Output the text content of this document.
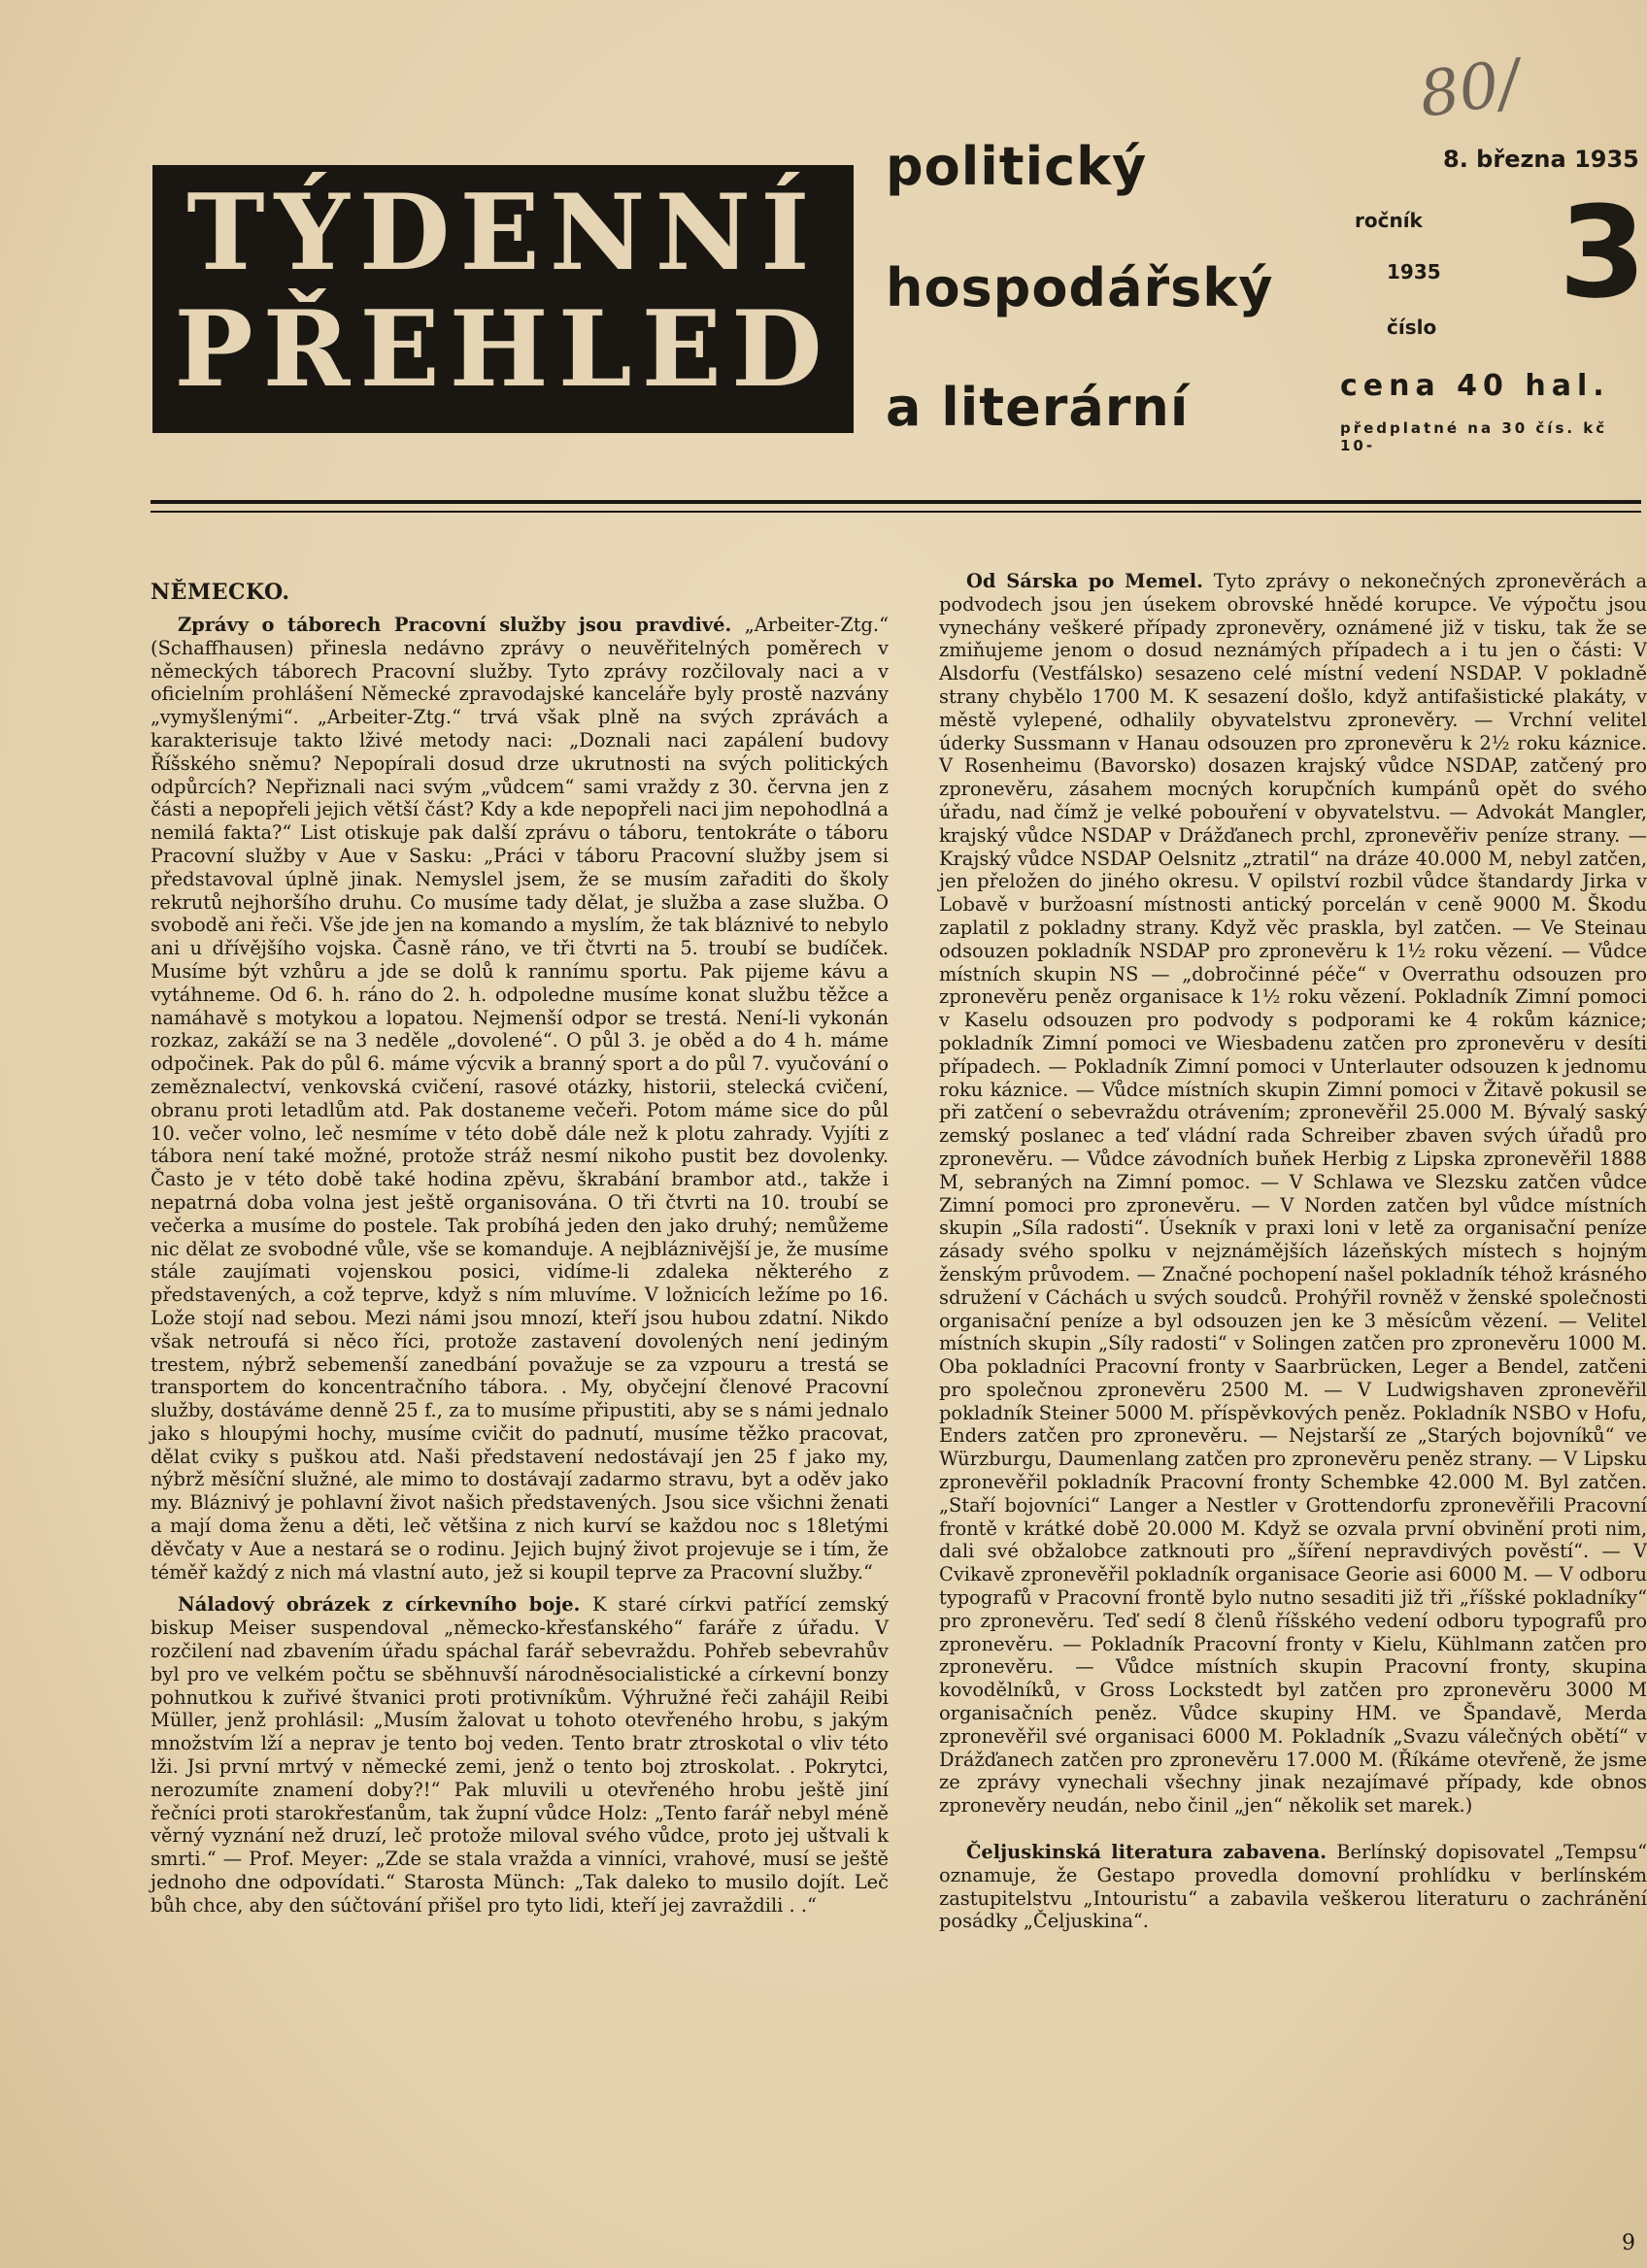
80/
TÝDENNÍ
PŘEHLED
politický
hospodářský
a literární
8. března 1935
ročník
1935
číslo
3
cena 40 hal.
předplatné na 30 čís. kč 10-
NĚMECKO.

Zprávy o táborech Pracovní služby jsou pravdivé. „Arbeiter-Ztg.“ (Schaffhausen) přinesla nedávno zprávy o neuvěřitelných poměrech v německých táborech Pracovní služby. Tyto zprávy rozčilovaly naci a v oficielním prohlášení Německé zpravodajské kanceláře byly prostě nazvány „vymyšlenými“. „Arbeiter-Ztg.“ trvá však plně na svých zprávách a karakterisuje takto lživé metody naci: „Doznali naci zapálení budovy Říšského sněmu? Nepopírali dosud drze ukrutnosti na svých politických odpůrcích? Nepřiznali naci svým „vůdcem“ sami vraždy z 30. června jen z části a nepopřeli jejich větší část? Kdy a kde nepopřeli naci jim nepohodlná a nemilá fakta?“ List otiskuje pak další zprávu o táboru, tentokráte o táboru Pracovní služby v Aue v Sasku: „Práci v táboru Pracovní služby jsem si představoval úplně jinak. Nemyslel jsem, že se musím zařaditi do školy rekrutů nejhoršího druhu. Co musíme tady dělat, je služba a zase služba. O svobodě ani řeči. Vše jde jen na komando a myslím, že tak bláznivé to nebylo ani u dřívějšího vojska. Časně ráno, ve tři čtvrti na 5. troubí se budíček. Musíme být vzhůru a jde se dolů k rannímu sportu. Pak pijeme kávu a vytáhneme. Od 6. h. ráno do 2. h. odpoledne musíme konat službu těžce a namáhavě s motykou a lopatou. Nejmenší odpor se trestá. Není-li vykonán rozkaz, zakáží se na 3 neděle „dovolené“. O půl 3. je oběd a do 4 h. máme odpočinek. Pak do půl 6. máme výcvik a branný sport a do půl 7. vyučování o zeměznalectví, venkovská cvičení, rasové otázky, historii, stelecká cvičení, obranu proti letadlům atd. Pak dostaneme večeři. Potom máme sice do půl 10. večer volno, leč nesmíme v této době dále než k plotu zahrady. Vyjíti z tábora není také možné, protože stráž nesmí nikoho pustit bez dovolenky. Často je v této době také hodina zpěvu, škrabání brambor atd., takže i nepatrná doba volna jest ještě organisována. O tři čtvrti na 10. troubí se večerka a musíme do postele. Tak probíhá jeden den jako druhý; nemůžeme nic dělat ze svobodné vůle, vše se komanduje. A nejbláznivější je, že musíme stále zaujímati vojenskou posici, vidíme-li zdaleka některého z představených, a což teprve, když s ním mluvíme. V ložnicích ležíme po 16. Lože stojí nad sebou. Mezi námi jsou mnozí, kteří jsou hubou zdatní. Nikdo však netroufá si něco říci, protože zastavení dovolených není jediným trestem, nýbrž sebemenší zanedbání považuje se za vzpouru a trestá se transportem do koncentračního tábora. . My, obyčejní členové Pracovní služby, dostáváme denně 25 f., za to musíme připustiti, aby se s námi jednalo jako s hloupými hochy, musíme cvičit do padnutí, musíme těžko pracovat, dělat cviky s puškou atd. Naši představení nedostávají jen 25 f jako my, nýbrž měsíční služné, ale mimo to dostávají zadarmo stravu, byt a oděv jako my. Bláznivý je pohlavní život našich představených. Jsou sice všichni ženati a mají doma ženu a děti, leč většina z nich kurví se každou noc s 18letými děvčaty v Aue a nestará se o rodinu. Jejich bujný život projevuje se i tím, že téměř každý z nich má vlastní auto, jež si koupil teprve za Pracovní služby.“

Náladový obrázek z církevního boje. K staré církvi patřící zemský biskup Meiser suspendoval „německo-křesťanského“ faráře z úřadu. V rozčilení nad zbavením úřadu spáchal farář sebevraždu. Pohřeb sebevrahův byl pro ve velkém počtu se sběhnuvší národněsocialistické a církevní bonzy pohnutkou k zuřivé štvanici proti protivníkům. Výhružné řeči zahájil Reibi Müller, jenž prohlásil: „Musím žalovat u tohoto otevřeného hrobu, s jakým množstvím lží a neprav je tento boj veden. Tento bratr ztroskotal o vliv této lži. Jsi první mrtvý v německé zemi, jenž o tento boj ztroskolat. . Pokrytci, nerozumíte znamení doby?!“ Pak mluvili u otevřeného hrobu ještě jiní řečníci proti starokřesťanům, tak župní vůdce Holz: „Tento farář nebyl méně věrný vyznání než druzí, leč protože miloval svého vůdce, proto jej uštvali k smrti.“ — Prof. Meyer: „Zde se stala vražda a vinníci, vrahové, musí se ještě jednoho dne odpovídati.“ Starosta Münch: „Tak daleko to musilo dojít. Leč bůh chce, aby den súčtování přišel pro tyto lidi, kteří jej zavraždili . .“

Od Sárska po Memel. Tyto zprávy o nekonečných zpronevěrách a podvodech jsou jen úsekem obrovské hnědé korupce. Ve výpočtu jsou vynechány veškeré případy zpronevěry, oznámené již v tisku, tak že se zmiňujeme jenom o dosud neznámých případech a i tu jen o části: V Alsdorfu (Vestfálsko) sesazeno celé místní vedení NSDAP. V pokladně strany chybělo 1700 M. K sesazení došlo, když antifašistické plakáty, v městě vylepené, odhalily obyvatelstvu zpronevěry. — Vrchní velitel úderky Sussmann v Hanau odsouzen pro zpronevěru k 2½ roku káznice. V Rosenheimu (Bavorsko) dosazen krajský vůdce NSDAP, zatčený pro zpronevěru, zásahem mocných korupčních kumpánů opět do svého úřadu, nad čímž je velké pobouření v obyvatelstvu. — Advokát Mangler, krajský vůdce NSDAP v Drážďanech prchl, zpronevěřiv peníze strany. — Krajský vůdce NSDAP Oelsnitz „ztratil“ na dráze 40.000 M, nebyl zatčen, jen přeložen do jiného okresu. V opilství rozbil vůdce štandardy Jirka v Lobavě v buržoasní místnosti antický porcelán v ceně 9000 M. Škodu zaplatil z pokladny strany. Když věc praskla, byl zatčen. — Ve Steinau odsouzen pokladník NSDAP pro zpronevěru k 1½ roku vězení. — Vůdce místních skupin NS — „dobročinné péče“ v Overrathu odsouzen pro zpronevěru peněz organisace k 1½ roku vězení. Pokladník Zimní pomoci v Kaselu odsouzen pro podvody s podporami ke 4 rokům káznice; pokladník Zimní pomoci ve Wiesbadenu zatčen pro zpronevěru v desíti případech. — Pokladník Zimní pomoci v Unterlauter odsouzen k jednomu roku káznice. — Vůdce místních skupin Zimní pomoci v Žitavě pokusil se při zatčení o sebevraždu otrávením; zpronevěřil 25.000 M. Bývalý saský zemský poslanec a teď vládní rada Schreiber zbaven svých úřadů pro zpronevěru. — Vůdce závodních buňek Herbig z Lipska zpronevěřil 1888 M, sebraných na Zimní pomoc. — V Schlawa ve Slezsku zatčen vůdce Zimní pomoci pro zpronevěru. — V Norden zatčen byl vůdce místních skupin „Síla radosti“. Úsekník v praxi loni v letě za organisační peníze zásady svého spolku v nejznámějších lázeňských místech s hojným ženským průvodem. — Značné pochopení našel pokladník téhož krásného sdružení v Cáchách u svých soudců. Prohýřil rovněž v ženské společnosti organisační peníze a byl odsouzen jen ke 3 měsícům vězení. — Velitel místních skupin „Síly radosti“ v Solingen zatčen pro zpronevěru 1000 M. Oba pokladníci Pracovní fronty v Saarbrücken, Leger a Bendel, zatčeni pro společnou zpronevěru 2500 M. — V Ludwigshaven zpronevěřil pokladník Steiner 5000 M. příspěvkových peněz. Pokladník NSBO v Hofu, Enders zatčen pro zpronevěru. — Nejstarší ze „Starých bojovníků“ ve Würzburgu, Daumenlang zatčen pro zpronevěru peněz strany. — V Lipsku zpronevěřil pokladník Pracovní fronty Schembke 42.000 M. Byl zatčen. „Staří bojovníci“ Langer a Nestler v Grottendorfu zpronevěřili Pracovní frontě v krátké době 20.000 M. Když se ozvala první obvinění proti nim, dali své obžalobce zatknouti pro „šíření nepravdivých pověstí“. — V Cvikavě zpronevěřil pokladník organisace Georie asi 6000 M. — V odboru typografů v Pracovní frontě bylo nutno sesaditi již tři „říšské pokladníky“ pro zpronevěru. Teď sedí 8 členů říšského vedení odboru typografů pro zpronevěru. — Pokladník Pracovní fronty v Kielu, Kühlmann zatčen pro zpronevěru. — Vůdce místních skupin Pracovní fronty, skupina kovodělníků, v Gross Lockstedt byl zatčen pro zpronevěru 3000 M organisačních peněz. Vůdce skupiny HM. ve Špandavě, Merda zpronevěřil své organisaci 6000 M. Pokladník „Svazu válečných obětí“ v Drážďanech zatčen pro zpronevěru 17.000 M. (Říkáme otevřeně, že jsme ze zprávy vynechali všechny jinak nezajímavé případy, kde obnos zpronevěry neudán, nebo činil „jen“ několik set marek.)

Čeljuskinská literatura zabavena. Berlínský dopisovatel „Tempsu“ oznamuje, že Gestapo provedla domovní prohlídku v berlínském zastupitelstvu „Intouristu“ a zabavila veškerou literaturu o zachránění posádky „Čeljuskina“.

9
